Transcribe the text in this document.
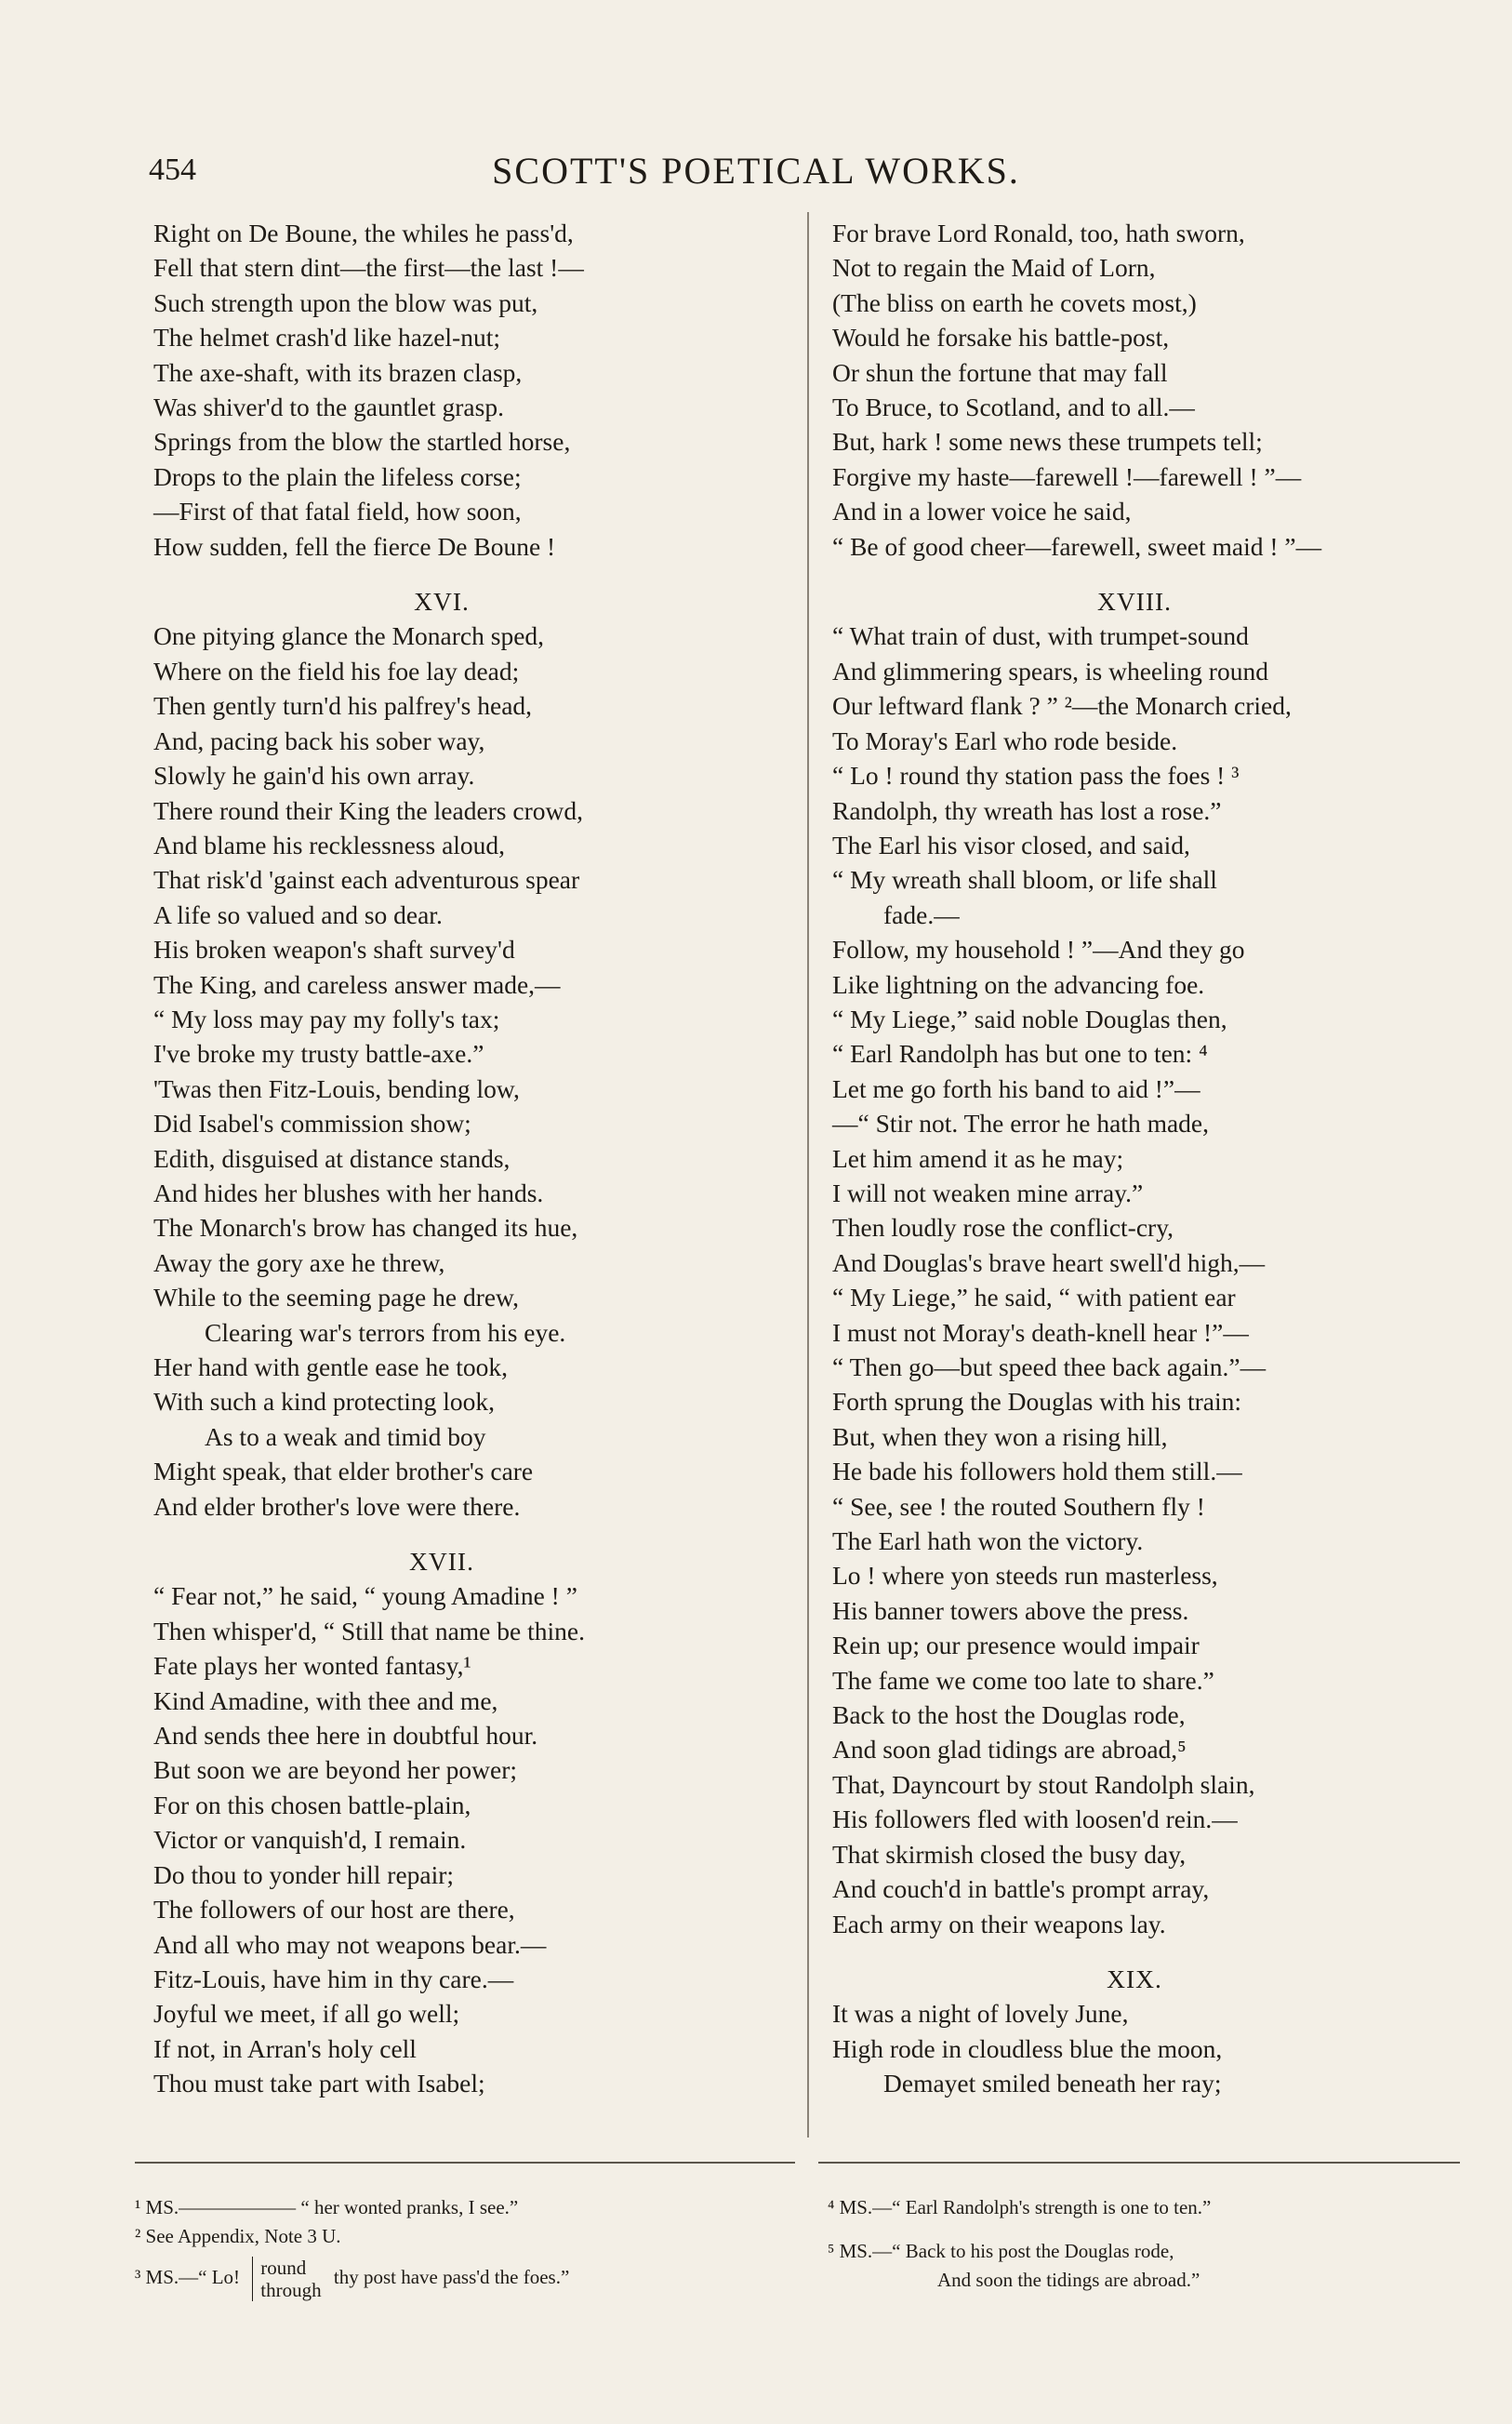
454	SCOTT'S POETICAL WORKS.
Right on De Boune, the whiles he pass'd,
Fell that stern dint—the first—the last !—
Such strength upon the blow was put,
The helmet crash'd like hazel-nut;
The axe-shaft, with its brazen clasp,
Was shiver'd to the gauntlet grasp.
Springs from the blow the startled horse,
Drops to the plain the lifeless corse;
—First of that fatal field, how soon,
How sudden, fell the fierce De Boune !
XVI.
One pitying glance the Monarch sped,
Where on the field his foe lay dead;
Then gently turn'd his palfrey's head,
And, pacing back his sober way,
Slowly he gain'd his own array.
There round their King the leaders crowd,
And blame his recklessness aloud,
That risk'd 'gainst each adventurous spear
A life so valued and so dear.
His broken weapon's shaft survey'd
The King, and careless answer made,—
“ My loss may pay my folly's tax;
I've broke my trusty battle-axe.”
'Twas then Fitz-Louis, bending low,
Did Isabel's commission show;
Edith, disguised at distance stands,
And hides her blushes with her hands.
The Monarch's brow has changed its hue,
Away the gory axe he threw,
While to the seeming page he drew,
Clearing war's terrors from his eye.
Her hand with gentle ease he took,
With such a kind protecting look,
As to a weak and timid boy
Might speak, that elder brother's care
And elder brother's love were there.
XVII.
“ Fear not,” he said, “ young Amadine ! ”
Then whisper'd, “ Still that name be thine.
Fate plays her wonted fantasy,¹
Kind Amadine, with thee and me,
And sends thee here in doubtful hour.
But soon we are beyond her power;
For on this chosen battle-plain,
Victor or vanquish'd, I remain.
Do thou to yonder hill repair;
The followers of our host are there,
And all who may not weapons bear.—
Fitz-Louis, have him in thy care.—
Joyful we meet, if all go well;
If not, in Arran's holy cell
Thou must take part with Isabel;
For brave Lord Ronald, too, hath sworn,
Not to regain the Maid of Lorn,
(The bliss on earth he covets most,)
Would he forsake his battle-post,
Or shun the fortune that may fall
To Bruce, to Scotland, and to all.—
But, hark ! some news these trumpets tell;
Forgive my haste—farewell !—farewell ! ”—
And in a lower voice he said,
“ Be of good cheer—farewell, sweet maid ! ”—
XVIII.
“ What train of dust, with trumpet-sound
And glimmering spears, is wheeling round
Our leftward flank ? ” ²—the Monarch cried,
To Moray's Earl who rode beside.
“ Lo ! round thy station pass the foes ! ³
Randolph, thy wreath has lost a rose.”
The Earl his visor closed, and said,
“ My wreath shall bloom, or life shall
fade.—
Follow, my household ! ”—And they go
Like lightning on the advancing foe.
“ My Liege,” said noble Douglas then,
“ Earl Randolph has but one to ten: ⁴
Let me go forth his band to aid !”—
—“ Stir not. The error he hath made,
Let him amend it as he may;
I will not weaken mine array.”
Then loudly rose the conflict-cry,
And Douglas's brave heart swell'd high,—
“ My Liege,” he said, “ with patient ear
I must not Moray's death-knell hear !”—
“ Then go—but speed thee back again.”—
Forth sprung the Douglas with his train:
But, when they won a rising hill,
He bade his followers hold them still.—
“ See, see ! the routed Southern fly !
The Earl hath won the victory.
Lo ! where yon steeds run masterless,
His banner towers above the press.
Rein up; our presence would impair
The fame we come too late to share.”
Back to the host the Douglas rode,
And soon glad tidings are abroad,⁵
That, Dayncourt by stout Randolph slain,
His followers fled with loosen'd rein.—
That skirmish closed the busy day,
And couch'd in battle's prompt array,
Each army on their weapons lay.
XIX.
It was a night of lovely June,
High rode in cloudless blue the moon,
Demayet smiled beneath her ray;
¹ MS.—————— “ her wonted pranks, I see.”
² See Appendix, Note 3 U.
³ MS.—“ Lo! round
through
thy post have pass'd the foes.”
⁴ MS.—“ Earl Randolph's strength is one to ten.”
⁵ MS.—“ Back to his post the Douglas rode,
And soon the tidings are abroad.”
